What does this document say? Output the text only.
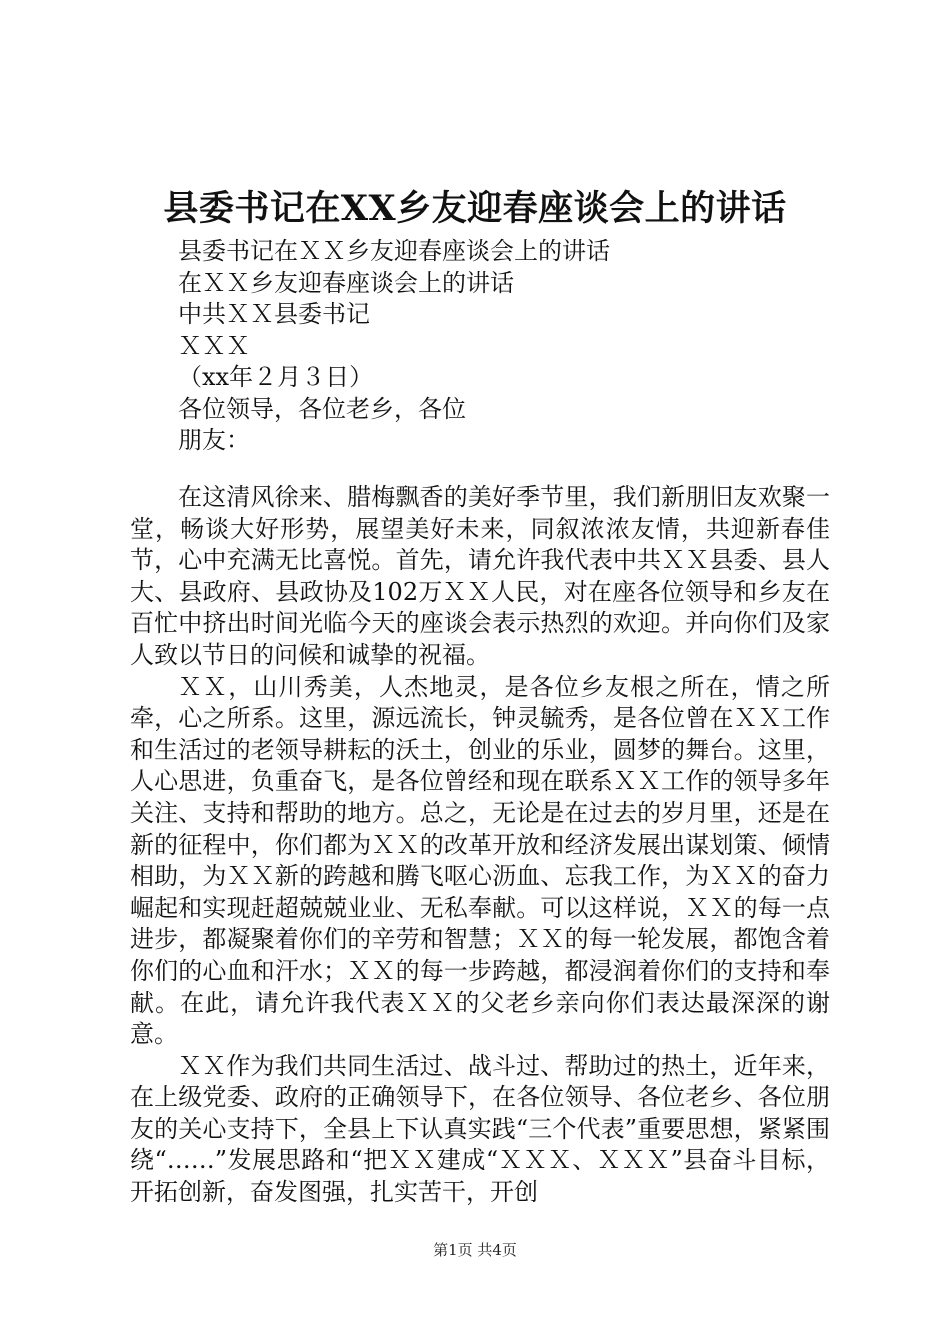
县委书记在XX乡友迎春座谈会上的讲话
县委书记在ＸＸ乡友迎春座谈会上的讲话
在ＸＸ乡友迎春座谈会上的讲话
中共ＸＸ县委书记
ＸＸＸ
（xx年２月３日）
各位领导，各位老乡，各位
朋友：

在这清风徐来、腊梅飘香的美好季节里，我们新朋旧友欢聚一堂，畅谈大好形势，展望美好未来，同叙浓浓友情，共迎新春佳节，心中充满无比喜悦。首先，请允许我代表中共ＸＸ县委、县人大、县政府、县政协及102万ＸＸ人民，对在座各位领导和乡友在百忙中挤出时间光临今天的座谈会表示热烈的欢迎。并向你们及家人致以节日的问候和诚挚的祝福。

ＸＸ，山川秀美，人杰地灵，是各位乡友根之所在，情之所牵，心之所系。这里，源远流长，钟灵毓秀，是各位曾在ＸＸ工作和生活过的老领导耕耘的沃土，创业的乐业，圆梦的舞台。这里，人心思进，负重奋飞，是各位曾经和现在联系ＸＸ工作的领导多年关注、支持和帮助的地方。总之，无论是在过去的岁月里，还是在新的征程中，你们都为ＸＸ的改革开放和经济发展出谋划策、倾情相助，为ＸＸ新的跨越和腾飞呕心沥血、忘我工作，为ＸＸ的奋力崛起和实现赶超兢兢业业、无私奉献。可以这样说，ＸＸ的每一点进步，都凝聚着你们的辛劳和智慧；ＸＸ的每一轮发展，都饱含着你们的心血和汗水；ＸＸ的每一步跨越，都浸润着你们的支持和奉献。在此，请允许我代表ＸＸ的父老乡亲向你们表达最深深的谢意。

ＸＸ作为我们共同生活过、战斗过、帮助过的热土，近年来，在上级党委、政府的正确领导下，在各位领导、各位老乡、各位朋友的关心支持下，全县上下认真实践“三个代表”重要思想，紧紧围绕“……”发展思路和“把ＸＸ建成“ＸＸＸ、ＸＸＸ”县奋斗目标，开拓创新，奋发图强，扎实苦干，开创

第1页 共4页
